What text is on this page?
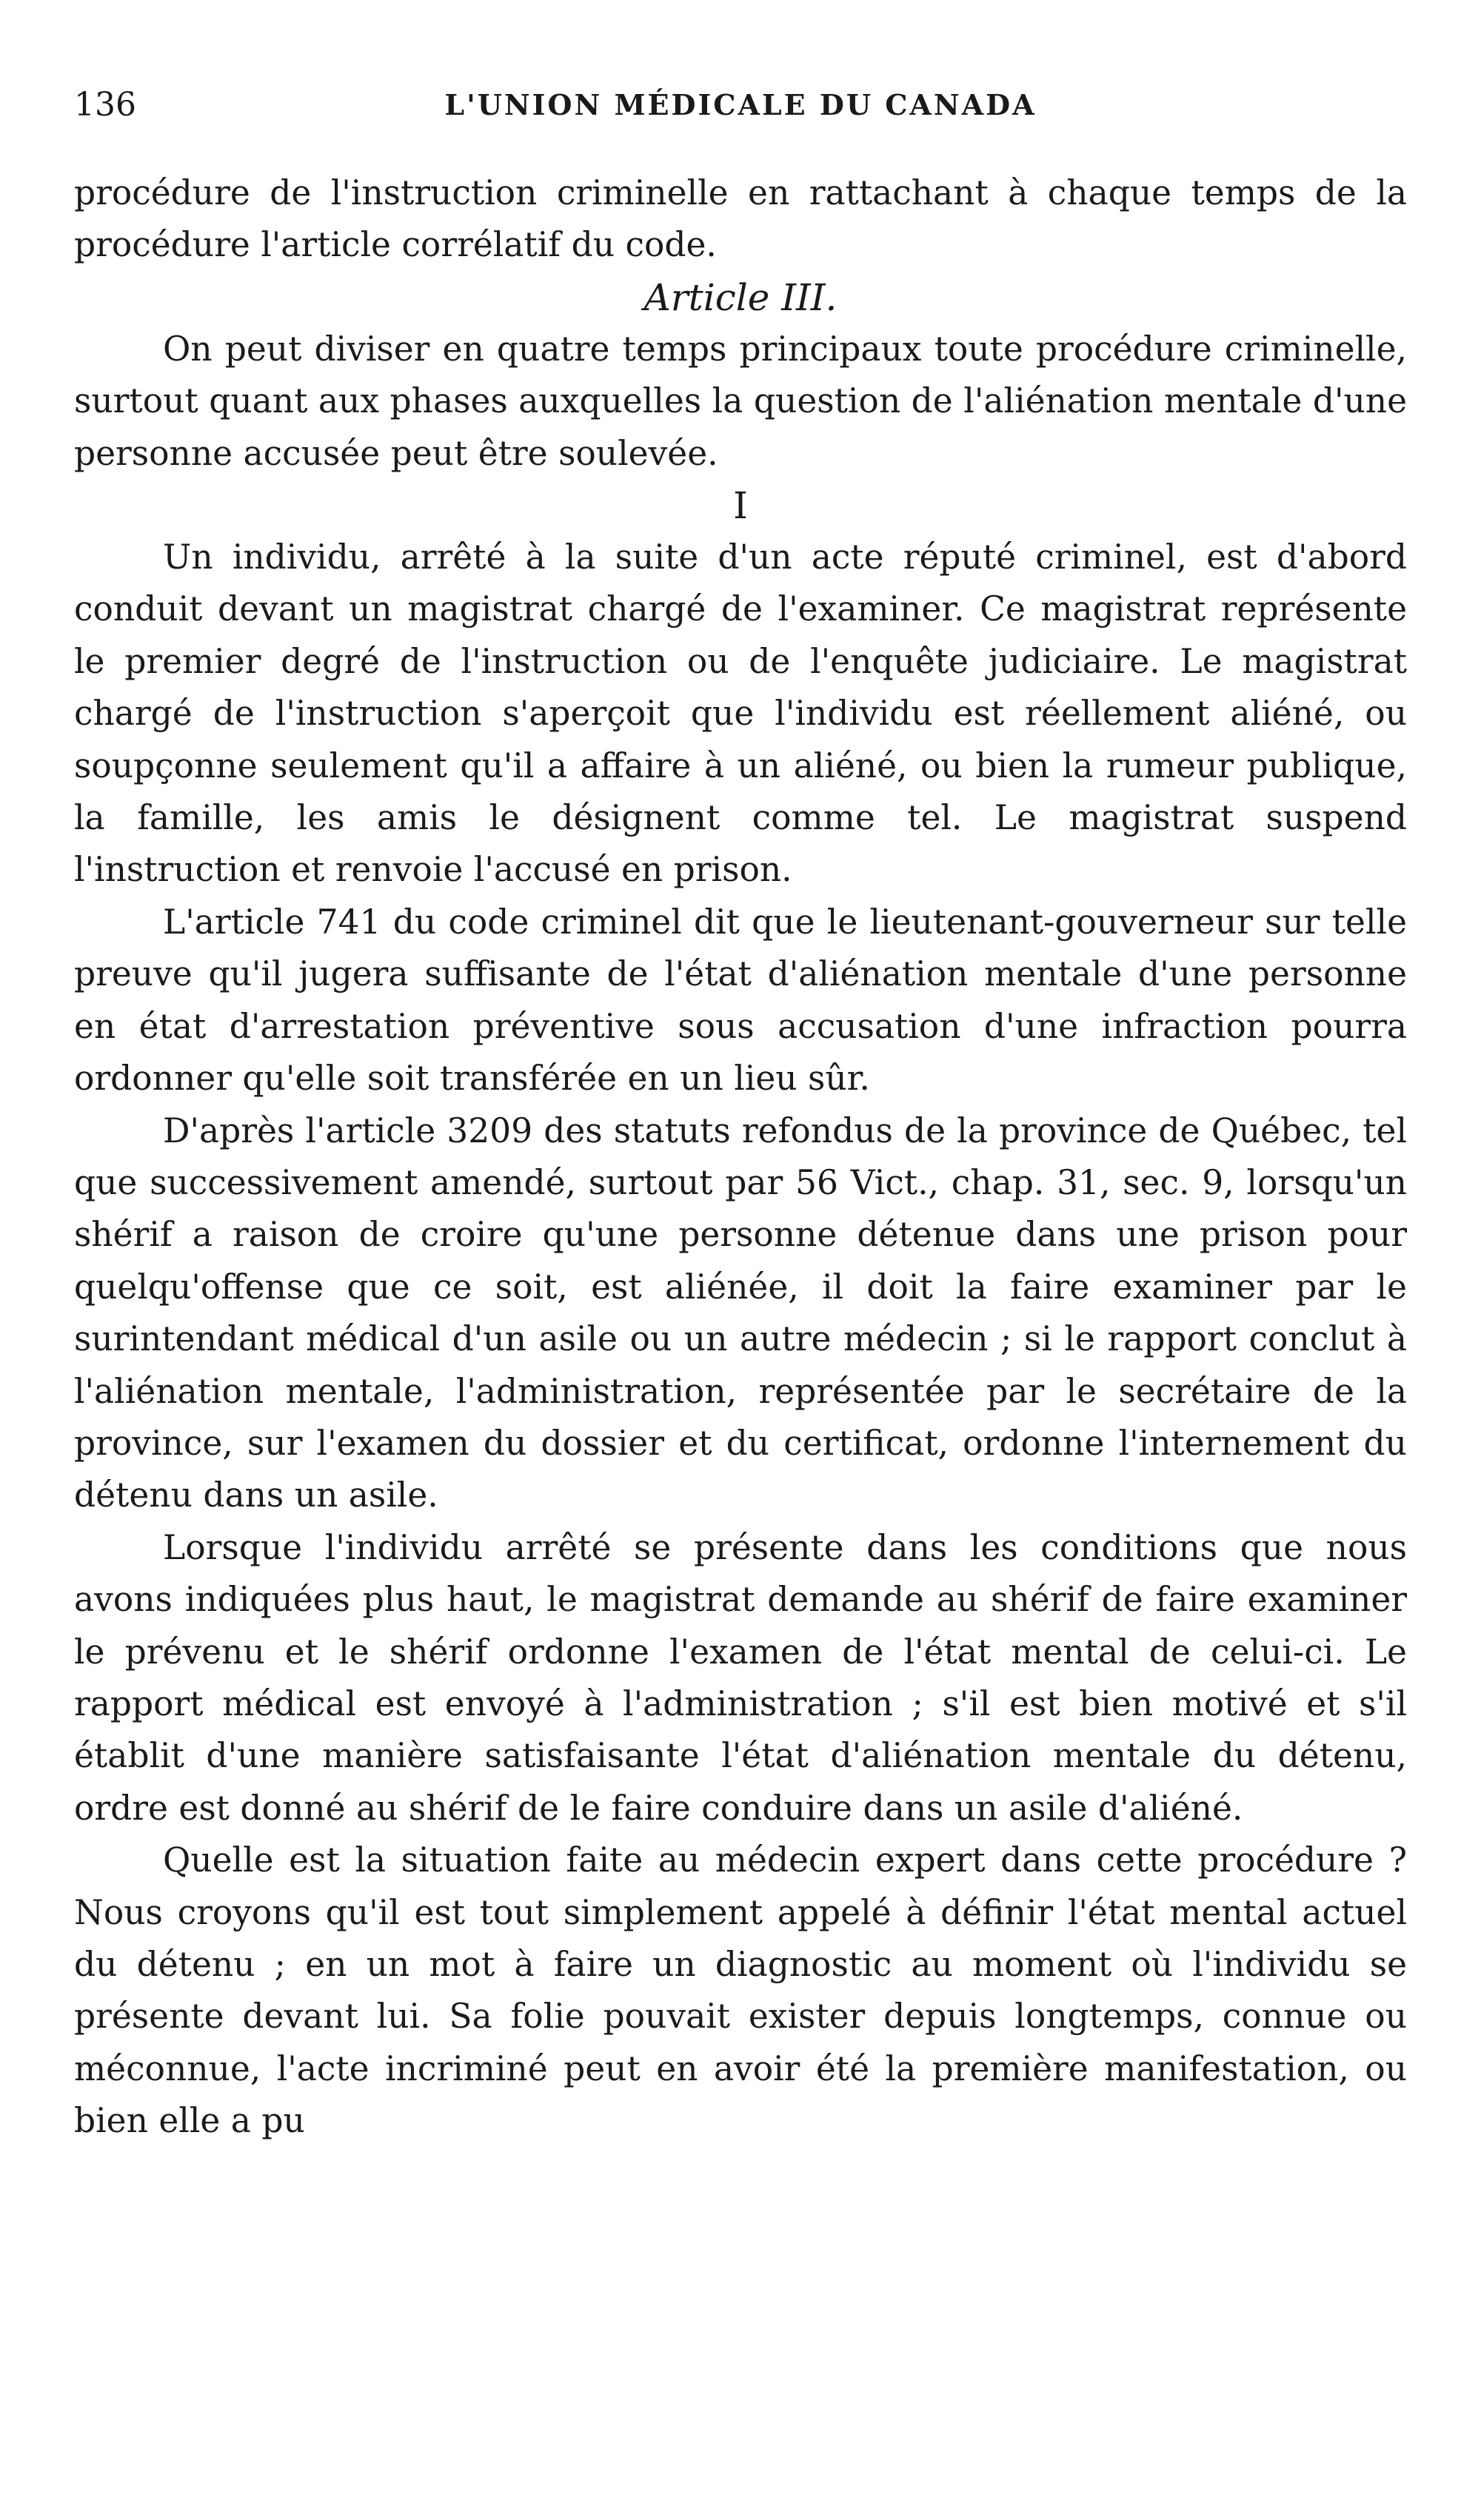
136	L'UNION MÉDICALE DU CANADA

procédure de l'instruction criminelle en rattachant à chaque temps de la procédure l'article corrélatif du code.

Article III.

On peut diviser en quatre temps principaux toute procédure criminelle, surtout quant aux phases auxquelles la question de l'aliénation mentale d'une personne accusée peut être soulevée.

I

Un individu, arrêté à la suite d'un acte réputé criminel, est d'abord conduit devant un magistrat chargé de l'examiner. Ce magistrat représente le premier degré de l'instruction ou de l'enquête judiciaire. Le magistrat chargé de l'instruction s'aperçoit que l'individu est réellement aliéné, ou soupçonne seulement qu'il a affaire à un aliéné, ou bien la rumeur publique, la famille, les amis le désignent comme tel. Le magistrat suspend l'instruction et renvoie l'accusé en prison.

L'article 741 du code criminel dit que le lieutenant-gouverneur sur telle preuve qu'il jugera suffisante de l'état d'aliénation mentale d'une personne en état d'arrestation préventive sous accusation d'une infraction pourra ordonner qu'elle soit transférée en un lieu sûr.

D'après l'article 3209 des statuts refondus de la province de Québec, tel que successivement amendé, surtout par 56 Vict., chap. 31, sec. 9, lorsqu'un shérif a raison de croire qu'une personne détenue dans une prison pour quelqu'offense que ce soit, est aliénée, il doit la faire examiner par le surintendant médical d'un asile ou un autre médecin ; si le rapport conclut à l'aliénation mentale, l'administration, représentée par le secrétaire de la province, sur l'examen du dossier et du certificat, ordonne l'internement du détenu dans un asile.

Lorsque l'individu arrêté se présente dans les conditions que nous avons indiquées plus haut, le magistrat demande au shérif de faire examiner le prévenu et le shérif ordonne l'examen de l'état mental de celui-ci. Le rapport médical est envoyé à l'administration ; s'il est bien motivé et s'il établit d'une manière satisfaisante l'état d'aliénation mentale du détenu, ordre est donné au shérif de le faire conduire dans un asile d'aliéné.

Quelle est la situation faite au médecin expert dans cette procédure ? Nous croyons qu'il est tout simplement appelé à définir l'état mental actuel du détenu ; en un mot à faire un diagnostic au moment où l'individu se présente devant lui. Sa folie pouvait exister depuis longtemps, connue ou méconnue, l'acte incriminé peut en avoir été la première manifestation, ou bien elle a pu
